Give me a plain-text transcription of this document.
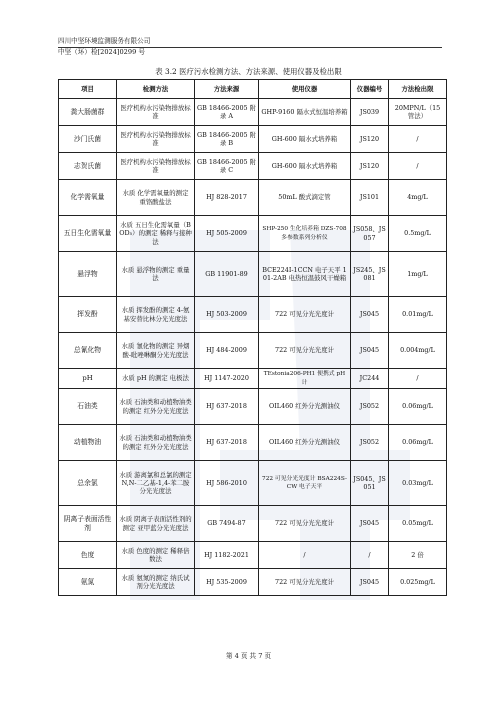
四川中坚环境监测服务有限公司
中坚（环）检[2024]0299 号
表 3.2 医疗污水检测方法、方法来源、使用仪器及检出限
项目	检测方法	方法来源	使用仪器	仪器编号	方法检出限
粪大肠菌群	医疗机构水污染物排放标准	GB 18466-2005 附录 A	GHP-9160 隔水式恒温培养箱	JS039	20MPN/L（15 管法）
沙门氏菌	医疗机构水污染物排放标准	GB 18466-2005 附录 B	GH-600 隔水式培养箱	JS120	/
志贺氏菌	医疗机构水污染物排放标准	GB 18466-2005 附录 C	GH-600 隔水式培养箱	JS120	/
化学需氧量	水质 化学需氧量的测定 重铬酸盐法	HJ 828-2017	50mL 酸式滴定管	JS101	4mg/L
五日生化需氧量	水质 五日生化需氧量（BOD₅）的测定 稀释与接种法	HJ 505-2009	SHP-250 生化培养箱 DZS-708 多参数系列分析仪	JS058、JS057	0.5mg/L
悬浮物	水质 悬浮物的测定 重量法	GB 11901-89	BCE224I-1CCN 电子天平 101-2AB 电热恒温鼓风干燥箱	JS245、JS081	1mg/L
挥发酚	水质 挥发酚的测定 4-氨基安替比林分光光度法	HJ 503-2009	722 可见分光光度计	JS045	0.01mg/L
总氰化物	水质 氰化物的测定 异烟酸-吡唑啉酮分光光度法	HJ 484-2009	722 可见分光光度计	JS045	0.004mg/L
pH	水质 pH 的测定 电极法	HJ 1147-2020	TEstonia206-PH1 便携式 pH 计	JC244	/
石油类	水质 石油类和动植物油类的测定 红外分光光度法	HJ 637-2018	OIL460 红外分光测油仪	JS052	0.06mg/L
动植物油	水质 石油类和动植物油类的测定 红外分光光度法	HJ 637-2018	OIL460 红外分光测油仪	JS052	0.06mg/L
总余氯	水质 游离氯和总氯的测定 N,N-二乙基-1,4-苯二胺分光光度法	HJ 586-2010	722 可见分光光度计 BSA224S-CW 电子天平	JS045、JS051	0.03mg/L
阴离子表面活性剂	水质 阴离子表面活性剂的测定 亚甲蓝分光光度法	GB 7494-87	722 可见分光光度计	JS045	0.05mg/L
色度	水质 色度的测定 稀释倍数法	HJ 1182-2021	/	/	2 倍
氨氮	水质 氨氮的测定 纳氏试剂分光光度法	HJ 535-2009	722 可见分光光度计	JS045	0.025mg/L
第 4 页 共 7 页
